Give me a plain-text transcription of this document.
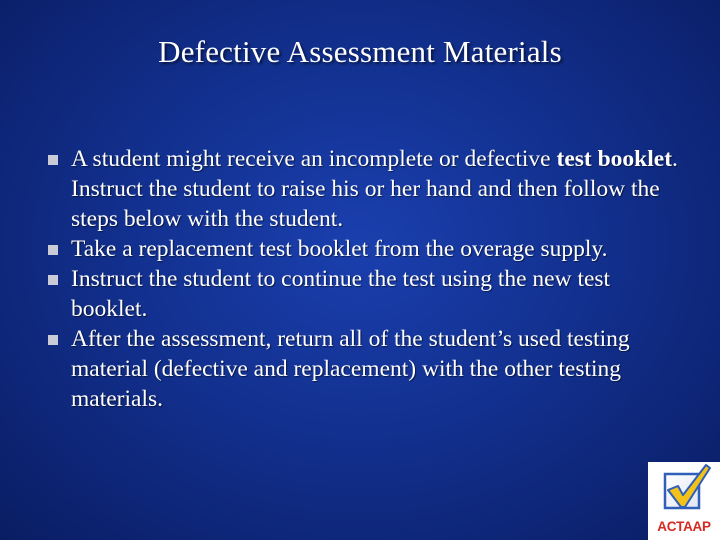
Defective Assessment Materials
A student might receive an incomplete or defective test booklet. Instruct the student to raise his or her hand and then follow the steps below with the student.
Take a replacement test booklet from the overage supply.
Instruct the student to continue the test using the new test booklet.
After the assessment, return all of the student’s used testing material (defective and replacement) with the other testing materials.
ACTAAP
